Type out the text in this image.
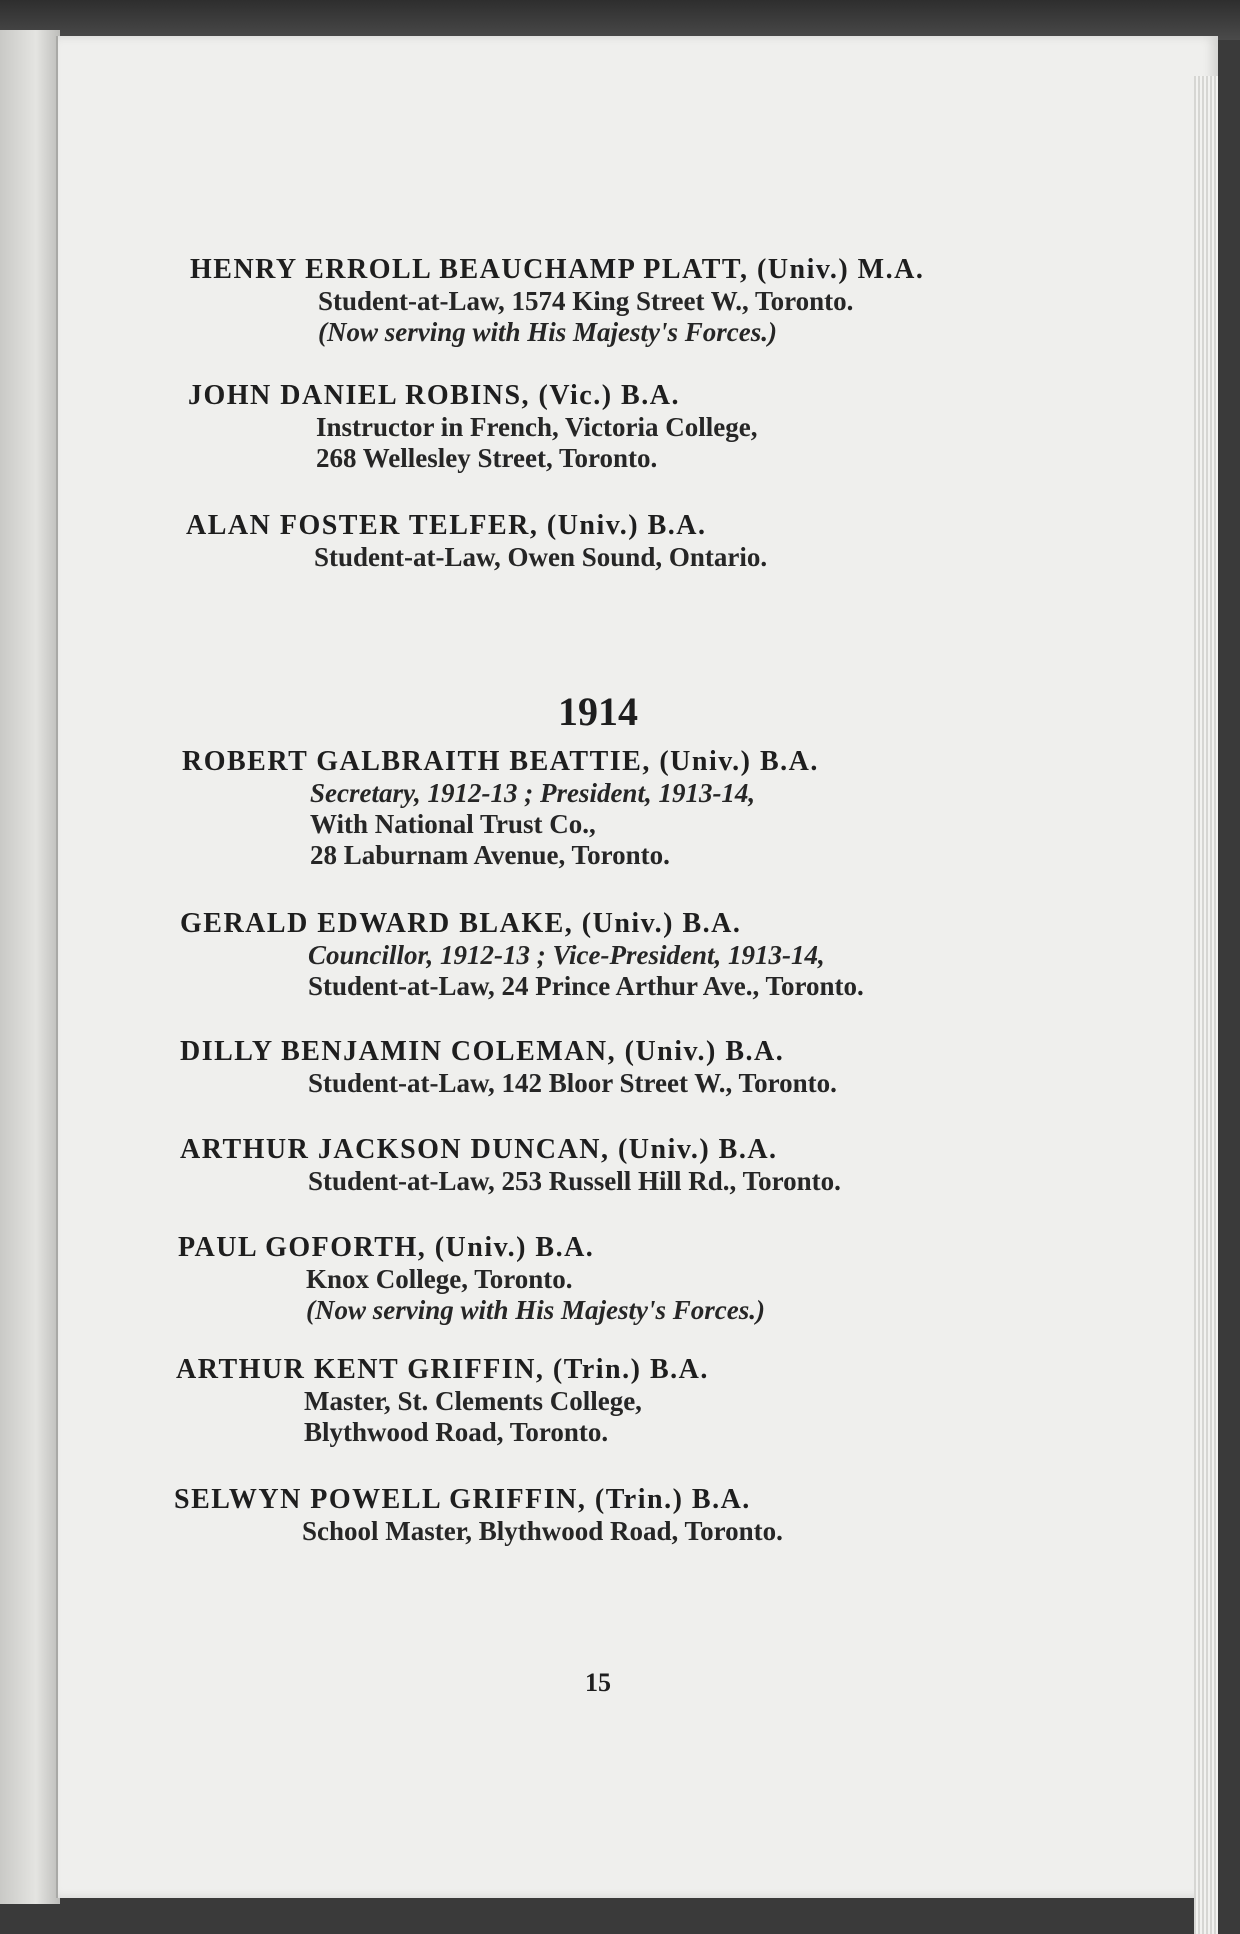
HENRY ERROLL BEAUCHAMP PLATT, (Univ.) M.A.
Student-at-Law, 1574 King Street W., Toronto.
(Now serving with His Majesty's Forces.)
JOHN DANIEL ROBINS, (Vic.) B.A.
Instructor in French, Victoria College,
268 Wellesley Street, Toronto.
ALAN FOSTER TELFER, (Univ.) B.A.
Student-at-Law, Owen Sound, Ontario.
1914
ROBERT GALBRAITH BEATTIE, (Univ.) B.A.
Secretary, 1912-13 ; President, 1913-14,
With National Trust Co.,
28 Laburnam Avenue, Toronto.
GERALD EDWARD BLAKE, (Univ.) B.A.
Councillor, 1912-13 ; Vice-President, 1913-14,
Student-at-Law, 24 Prince Arthur Ave., Toronto.
DILLY BENJAMIN COLEMAN, (Univ.) B.A.
Student-at-Law, 142 Bloor Street W., Toronto.
ARTHUR JACKSON DUNCAN, (Univ.) B.A.
Student-at-Law, 253 Russell Hill Rd., Toronto.
PAUL GOFORTH, (Univ.) B.A.
Knox College, Toronto.
(Now serving with His Majesty's Forces.)
ARTHUR KENT GRIFFIN, (Trin.) B.A.
Master, St. Clements College,
Blythwood Road, Toronto.
SELWYN POWELL GRIFFIN, (Trin.) B.A.
School Master, Blythwood Road, Toronto.
15
